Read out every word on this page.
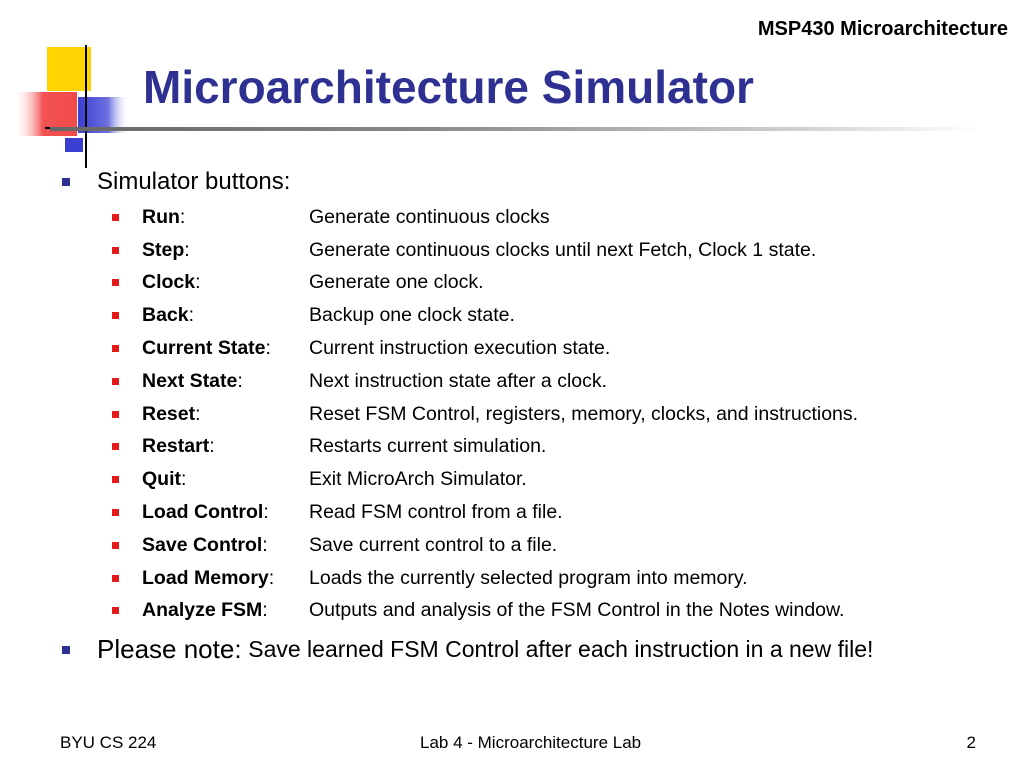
MSP430 Microarchitecture
Microarchitecture Simulator
Simulator buttons:
Run:	Generate continuous clocks
Step:	Generate continuous clocks until next Fetch, Clock 1 state.
Clock:	Generate one clock.
Back:	Backup one clock state.
Current State:	Current instruction execution state.
Next State:	Next instruction state after a clock.
Reset:	Reset FSM Control, registers, memory, clocks, and instructions.
Restart:	Restarts current simulation.
Quit:	Exit MicroArch Simulator.
Load Control:	Read FSM control from a file.
Save Control:	Save current control to a file.
Load Memory:	Loads the currently selected program into memory.
Analyze FSM:	Outputs and analysis of the FSM Control in the Notes window.
Please note:
Save learned FSM Control after each instruction in a new file!
BYU CS 224	Lab 4 - Microarchitecture Lab	2
